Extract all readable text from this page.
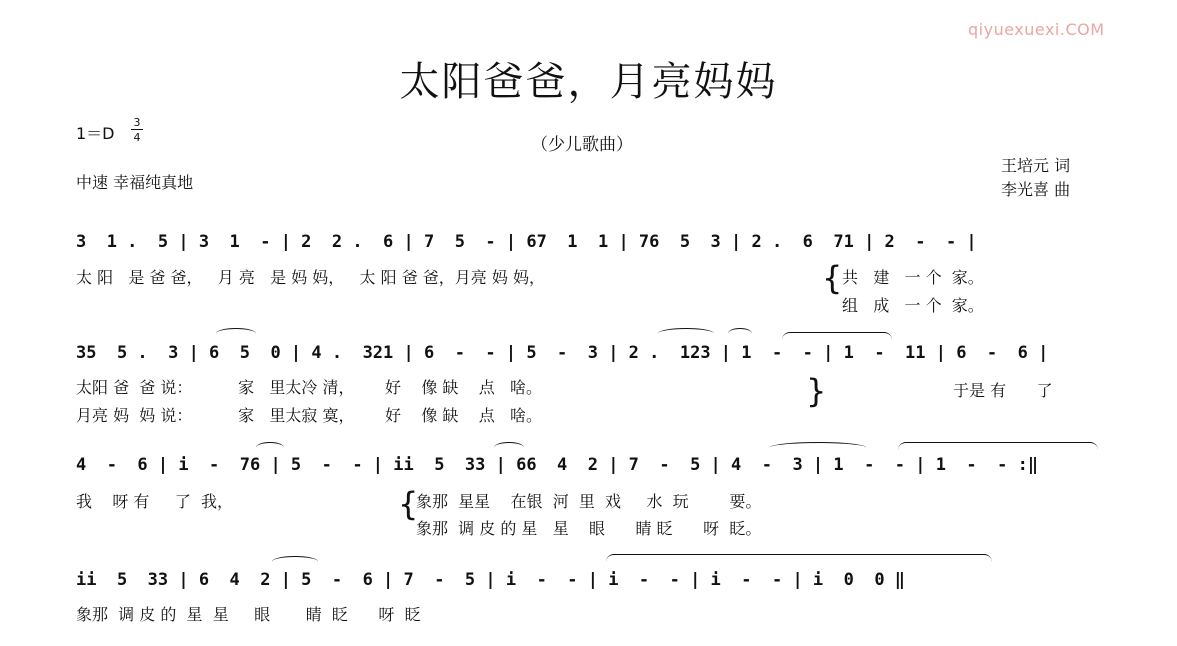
qiyuexuexi.COM
太阳爸爸，月亮妈妈
1＝D
3
4	（少儿歌曲）
中速 幸福纯真地
王培元 词
李光喜 曲
3  1 .  5 | 3  1  - | 2  2 .  6 | 7  5  - | 67  1  1 | 76  5  3 | 2 .  6  71 | 2  -  - |
太 阳   是 爸 爸，   月 亮   是 妈 妈，   太 阳 爸 爸，月亮 妈 妈，	{ 共   建   一 个  家。
组   成   一 个  家。
35  5 .  3 | 6  5  0 | 4 .  321 | 6  -  - | 5  -  3 | 2 .  123 | 1  -  - | 1  -  11 | 6  -  6 |
太阳 爸  爸 说：         家   里太冷 清，      好    像 缺    点   啥。
月亮 妈  妈 说：         家   里太寂 寞，      好    像 缺    点   啥。
}	于是 有      了
4  -  6 | i  -  76 | 5  -  - | ii  5  33 | 66  4  2 | 7  -  5 | 4  -  3 | 1  -  - | 1  -  - :‖
我    呀 有     了  我，	{
象那  星星    在银  河  里  戏     水  玩        要。
象那  调 皮 的 星   星    眼      睛 眨      呀  眨。
ii  5  33 | 6  4  2 | 5  -  6 | 7  -  5 | i  -  - | i  -  - | i  -  - | i  0  0 ‖
象那  调 皮 的  星  星     眼       睛  眨      呀  眨
